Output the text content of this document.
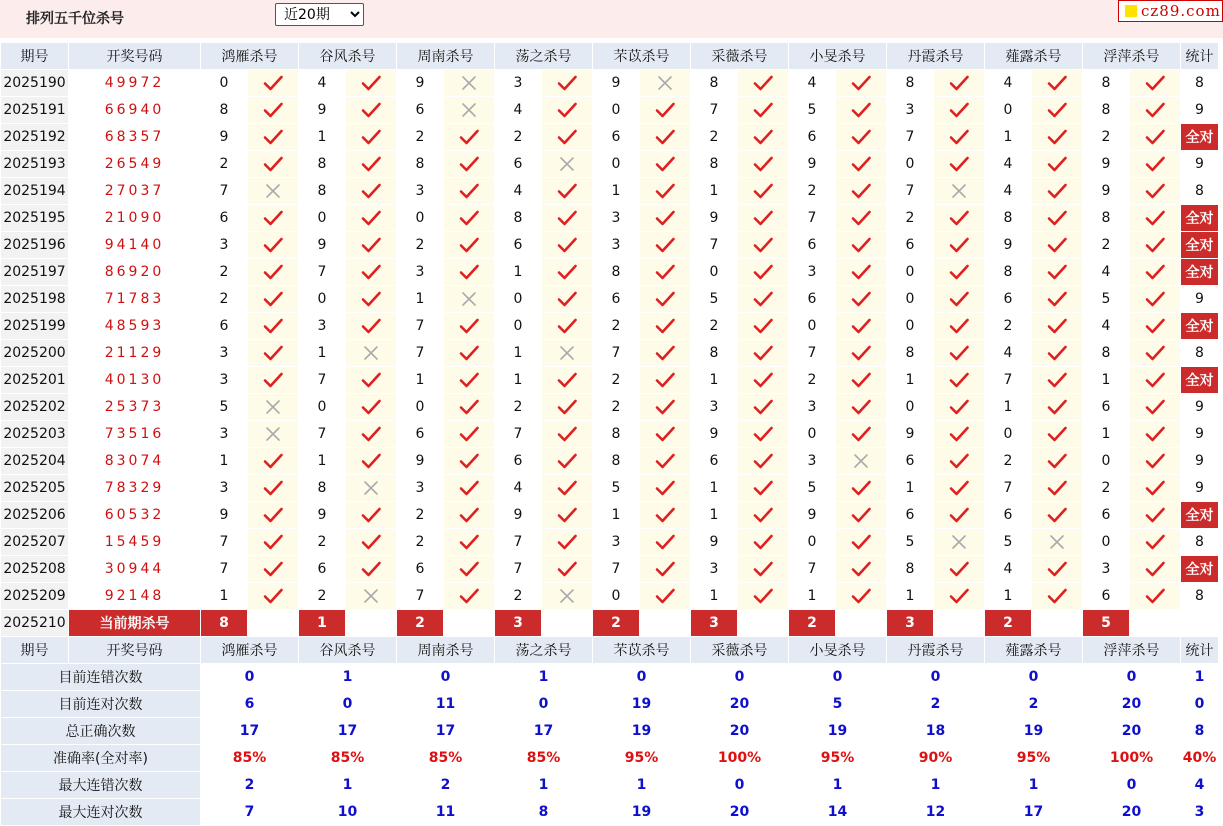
排列五千位杀号
近20期	cz89.com
期号	开奖号码	鸿雁杀号		谷风杀号		周南杀号		荡之杀号		芣苡杀号		采薇杀号		小旻杀号		丹霞杀号		薤露杀号		浮萍杀号		统计
2025190	49972	0		4		9		3		9		8		4		8		4		8		8
2025191	66940	8		9		6		4		0		7		5		3		0		8		9
2025192	68357	9		1		2		2		6		2		6		7		1		2		全对
2025193	26549	2		8		8		6		0		8		9		0		4		9		9
2025194	27037	7		8		3		4		1		1		2		7		4		9		8
2025195	21090	6		0		0		8		3		9		7		2		8		8		全对
2025196	94140	3		9		2		6		3		7		6		6		9		2		全对
2025197	86920	2		7		3		1		8		0		3		0		8		4		全对
2025198	71783	2		0		1		0		6		5		6		0		6		5		9
2025199	48593	6		3		7		0		2		2		0		0		2		4		全对
2025200	21129	3		1		7		1		7		8		7		8		4		8		8
2025201	40130	3		7		1		1		2		1		2		1		7		1		全对
2025202	25373	5		0		0		2		2		3		3		0		1		6		9
2025203	73516	3		7		6		7		8		9		0		9		0		1		9
2025204	83074	1		1		9		6		8		6		3		6		2		0		9
2025205	78329	3		8		3		4		5		1		5		1		7		2		9
2025206	60532	9		9		2		9		1		1		9		6		6		6		全对
2025207	15459	7		2		2		7		3		9		0		5		5		0		8
2025208	30944	7		6		6		7		7		3		7		8		4		3		全对
2025209	92148	1		2		7		2		0		1		1		1		1		6		8
2025210	当前期杀号	8		1		2		3		2		3		2		3		2		5		
期号	开奖号码	鸿雁杀号		谷风杀号		周南杀号		荡之杀号		芣苡杀号		采薇杀号		小旻杀号		丹霞杀号		薤露杀号		浮萍杀号		统计
目前连错次数		0		1		0		1		0		0		0		0		0		0		1
目前连对次数		6		0		11		0		19		20		5		2		2		20		0
总正确次数		17		17		17		17		19		20		19		18		19		20		8
准确率(全对率)		85%		85%		85%		85%		95%		100%		95%		90%		95%		100%		40%
最大连错次数		2		1		2		1		1		0		1		1		1		0		4
最大连对次数		7		10		11		8		19		20		14		12		17		20		3
